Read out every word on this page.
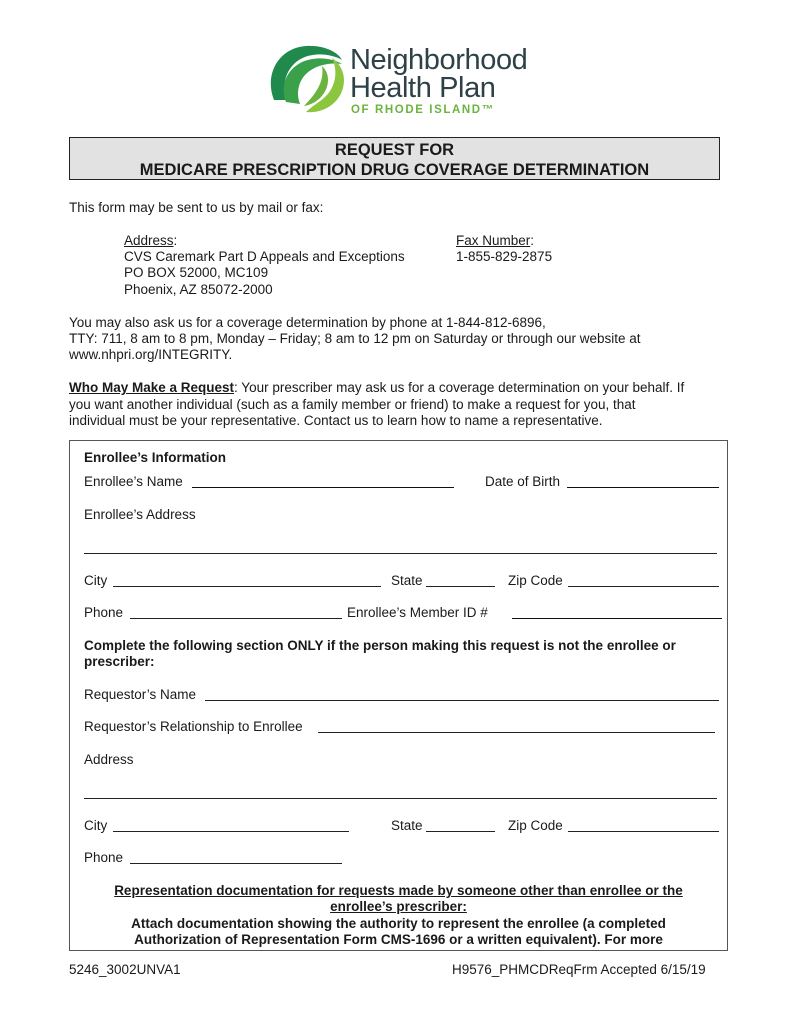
Neighborhood
Health Plan
OF RHODE ISLAND™
REQUEST FOR
MEDICARE PRESCRIPTION DRUG COVERAGE DETERMINATION
This form may be sent to us by mail or fax:
Address:
CVS Caremark Part D Appeals and Exceptions
PO BOX 52000, MC109
Phoenix, AZ 85072-2000
Fax Number:
1-855-829-2875
You may also ask us for a coverage determination by phone at 1-844-812-6896,
TTY: 711, 8 am to 8 pm, Monday – Friday; 8 am to 12 pm on Saturday or through our website at
www.nhpri.org/INTEGRITY.
Who May Make a Request: Your prescriber may ask us for a coverage determination on your behalf. If
you want another individual (such as a family member or friend) to make a request for you, that
individual must be your representative. Contact us to learn how to name a representative.
Enrollee’s Information
Enrollee’s Name	Date of Birth
Enrollee’s Address
City	State	Zip Code
Phone	Enrollee’s Member ID #
Complete the following section ONLY if the person making this request is not the enrollee or
prescriber:
Requestor’s Name
Requestor’s Relationship to Enrollee
Address
City	State	Zip Code
Phone
Representation documentation for requests made by someone other than enrollee or the
enrollee’s prescriber:
Attach documentation showing the authority to represent the enrollee (a completed
Authorization of Representation Form CMS-1696 or a written equivalent). For more
5246_3002UNVA1	H9576_PHMCDReqFrm Accepted 6/15/19
